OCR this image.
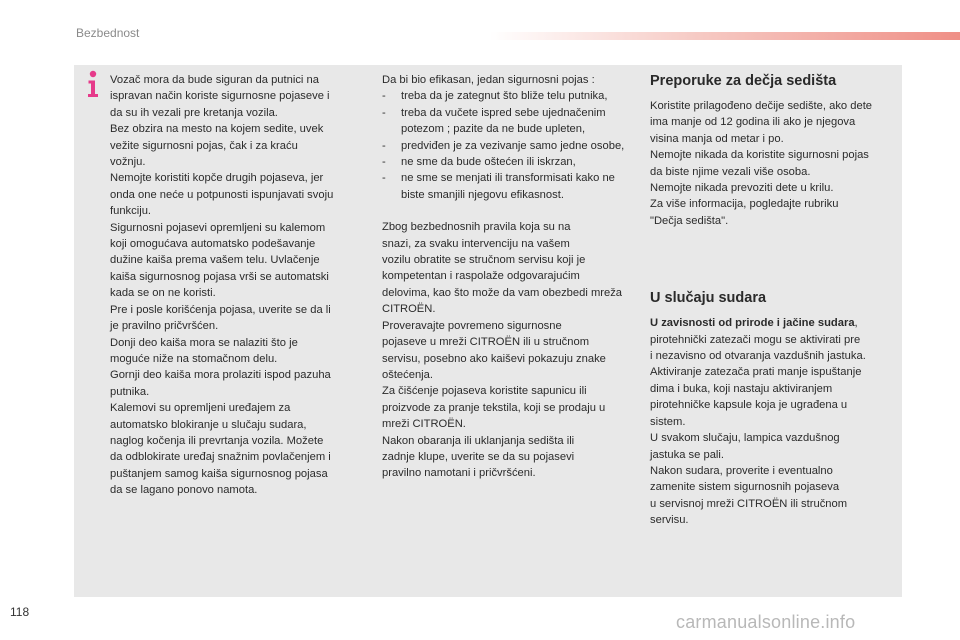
Bezbednost

Vozač mora da bude siguran da putnici na

ispravan način koriste sigurnosne pojaseve i

da su ih vezali pre kretanja vozila.

Bez obzira na mesto na kojem sedite, uvek

vežite sigurnosni pojas, čak i za kraću

vožnju.

Nemojte koristiti kopče drugih pojaseva, jer

onda one neće u potpunosti ispunjavati svoju

funkciju.

Sigurnosni pojasevi opremljeni su kalemom

koji omogućava automatsko podešavanje

dužine kaiša prema vašem telu. Uvlačenje

kaiša sigurnosnog pojasa vrši se automatski

kada se on ne koristi.

Pre i posle korišćenja pojasa, uverite se da li

je pravilno pričvršćen.

Donji deo kaiša mora se nalaziti što je

moguće niže na stomačnom delu.

Gornji deo kaiša mora prolaziti ispod pazuha

putnika.

Kalemovi su opremljeni uređajem za

automatsko blokiranje u slučaju sudara,

naglog kočenja ili prevrtanja vozila. Možete

da odblokirate uređaj snažnim povlačenjem i

puštanjem samog kaiša sigurnosnog pojasa

da se lagano ponovo namota.

Da bi bio efikasan, jedan sigurnosni pojas :

- treba da je zategnut što bliže telu putnika,
- treba da vučete ispred sebe ujednačenim potezom ; pazite da ne bude upleten,
- predviđen je za vezivanje samo jedne osobe,
- ne sme da bude oštećen ili iskrzan,
- ne sme se menjati ili transformisati kako ne biste smanjili njegovu efikasnost.

Zbog bezbednosnih pravila koja su na

snazi, za svaku intervenciju na vašem

vozilu obratite se stručnom servisu koji je

kompetentan i raspolaže odgovarajućim

delovima, kao što može da vam obezbedi mreža

CITROËN.

Proveravajte povremeno sigurnosne

pojaseve u mreži CITROËN ili u stručnom

servisu, posebno ako kaiševi pokazuju znake

oštećenja.

Za čišćenje pojaseva koristite sapunicu ili

proizvode za pranje tekstila, koji se prodaju u

mreži CITROËN.

Nakon obaranja ili uklanjanja sedišta ili

zadnje klupe, uverite se da su pojasevi

pravilno namotani i pričvršćeni.

Preporuke za dečja sedišta

Koristite prilagođeno dečije sedište, ako dete

ima manje od 12 godina ili ako je njegova

visina manja od metar i po.

Nemojte nikada da koristite sigurnosni pojas

da biste njime vezali više osoba.

Nemojte nikada prevoziti dete u krilu.

Za više informacija, pogledajte rubriku

"Dečja sedišta".

U slučaju sudara

U zavisnosti od prirode i jačine sudara,

pirotehnički zatezači mogu se aktivirati pre

i nezavisno od otvaranja vazdušnih jastuka.

Aktiviranje zatezača prati manje ispuštanje

dima i buka, koji nastaju aktiviranjem

pirotehničke kapsule koja je ugrađena u

sistem.

U svakom slučaju, lampica vazdušnog

jastuka se pali.

Nakon sudara, proverite i eventualno

zamenite sistem sigurnosnih pojaseva

u servisnoj mreži CITROËN ili stručnom

servisu.

118	carmanualsonline.info
